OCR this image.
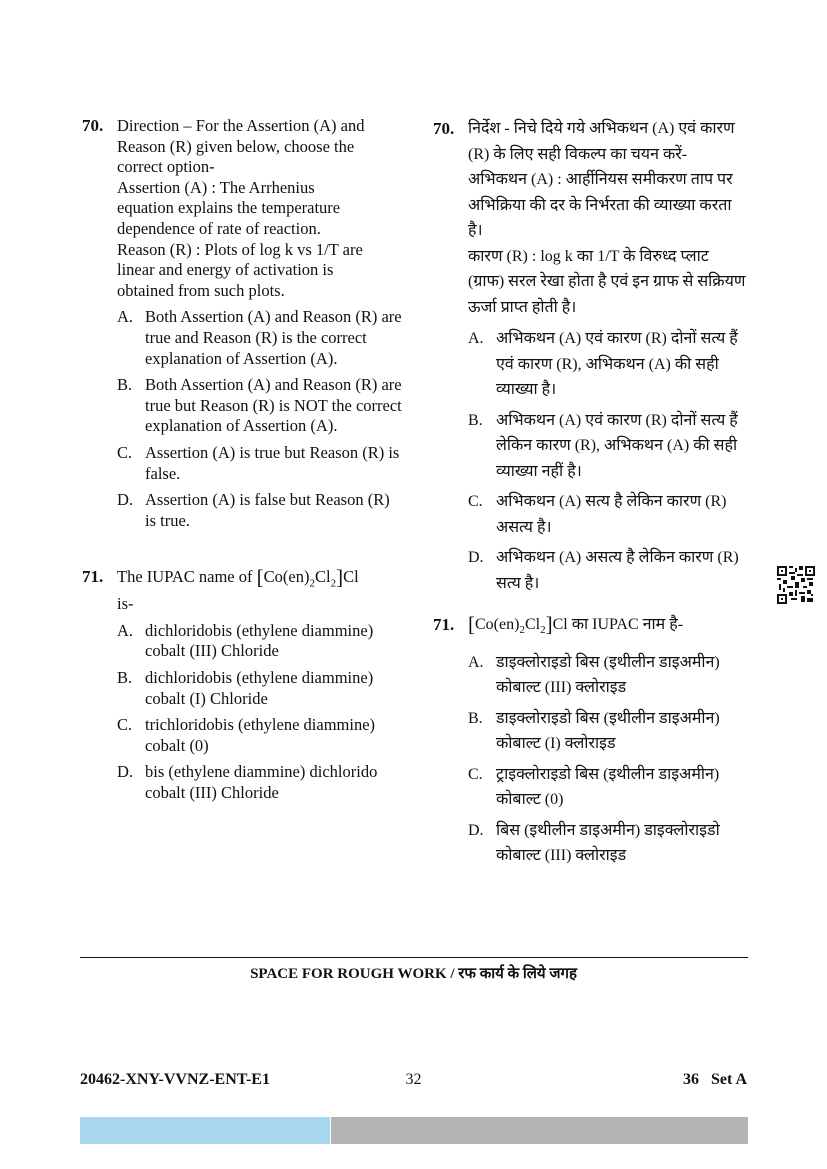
70. Direction – For the Assertion (A) and
Reason (R) given below, choose the
correct option-
Assertion (A) : The Arrhenius
equation explains the temperature
dependence of rate of reaction.
Reason (R) : Plots of log k vs 1/T are
linear and energy of activation is
obtained from such plots.
A. Both Assertion (A) and Reason (R) are true and Reason (R) is the correct explanation of Assertion (A).
B. Both Assertion (A) and Reason (R) are true but Reason (R) is NOT the correct explanation of Assertion (A).
C. Assertion (A) is true but Reason (R) is false.
D. Assertion (A) is false but Reason (R) is true.
71. The IUPAC name of $[Co(en)_2Cl_2]Cl$
is-
A. dichloridobis (ethylene diammine) cobalt (III) Chloride
B. dichloridobis (ethylene diammine) cobalt (I) Chloride
C. trichloridobis (ethylene diammine) cobalt (0)
D. bis (ethylene diammine) dichlorido cobalt (III) Chloride
70. निर्देश - निचे दिये गये अभिकथन (A) एवं कारण
(R) के लिए सही विकल्प का चयन करें-
अभिकथन (A) : आर्हीनियस समीकरण ताप पर
अभिक्रिया की दर के निर्भरता की व्याख्या करता
है।
कारण (R) : log k का 1/T के विरुध्द प्लाट
(ग्राफ) सरल रेखा होता है एवं इन ग्राफ से सक्रियण
ऊर्जा प्राप्त होती है।
A. अभिकथन (A) एवं कारण (R) दोनों सत्य हैं एवं कारण (R), अभिकथन (A) की सही व्याख्या है।
B. अभिकथन (A) एवं कारण (R) दोनों सत्य हैं लेकिन कारण (R), अभिकथन (A) की सही व्याख्या नहीं है।
C. अभिकथन (A) सत्य है लेकिन कारण (R) असत्य है।
D. अभिकथन (A) असत्य है लेकिन कारण (R) सत्य है।
71. $[Co(en)_2Cl_2]Cl$ का IUPAC नाम है-
A. डाइक्लोराइडो बिस (इथीलीन डाइअमीन) कोबाल्ट (III) क्लोराइड
B. डाइक्लोराइडो बिस (इथीलीन डाइअमीन) कोबाल्ट (I) क्लोराइड
C. ट्राइक्लोराइडो बिस (इथीलीन डाइअमीन) कोबाल्ट (0)
D. बिस (इथीलीन डाइअमीन) डाइक्लोराइडो कोबाल्ट (III) क्लोराइड
SPACE FOR ROUGH WORK / रफ कार्य के लिये जगह
20462-XNY-VVNZ-ENT-E1	32	36   Set A
